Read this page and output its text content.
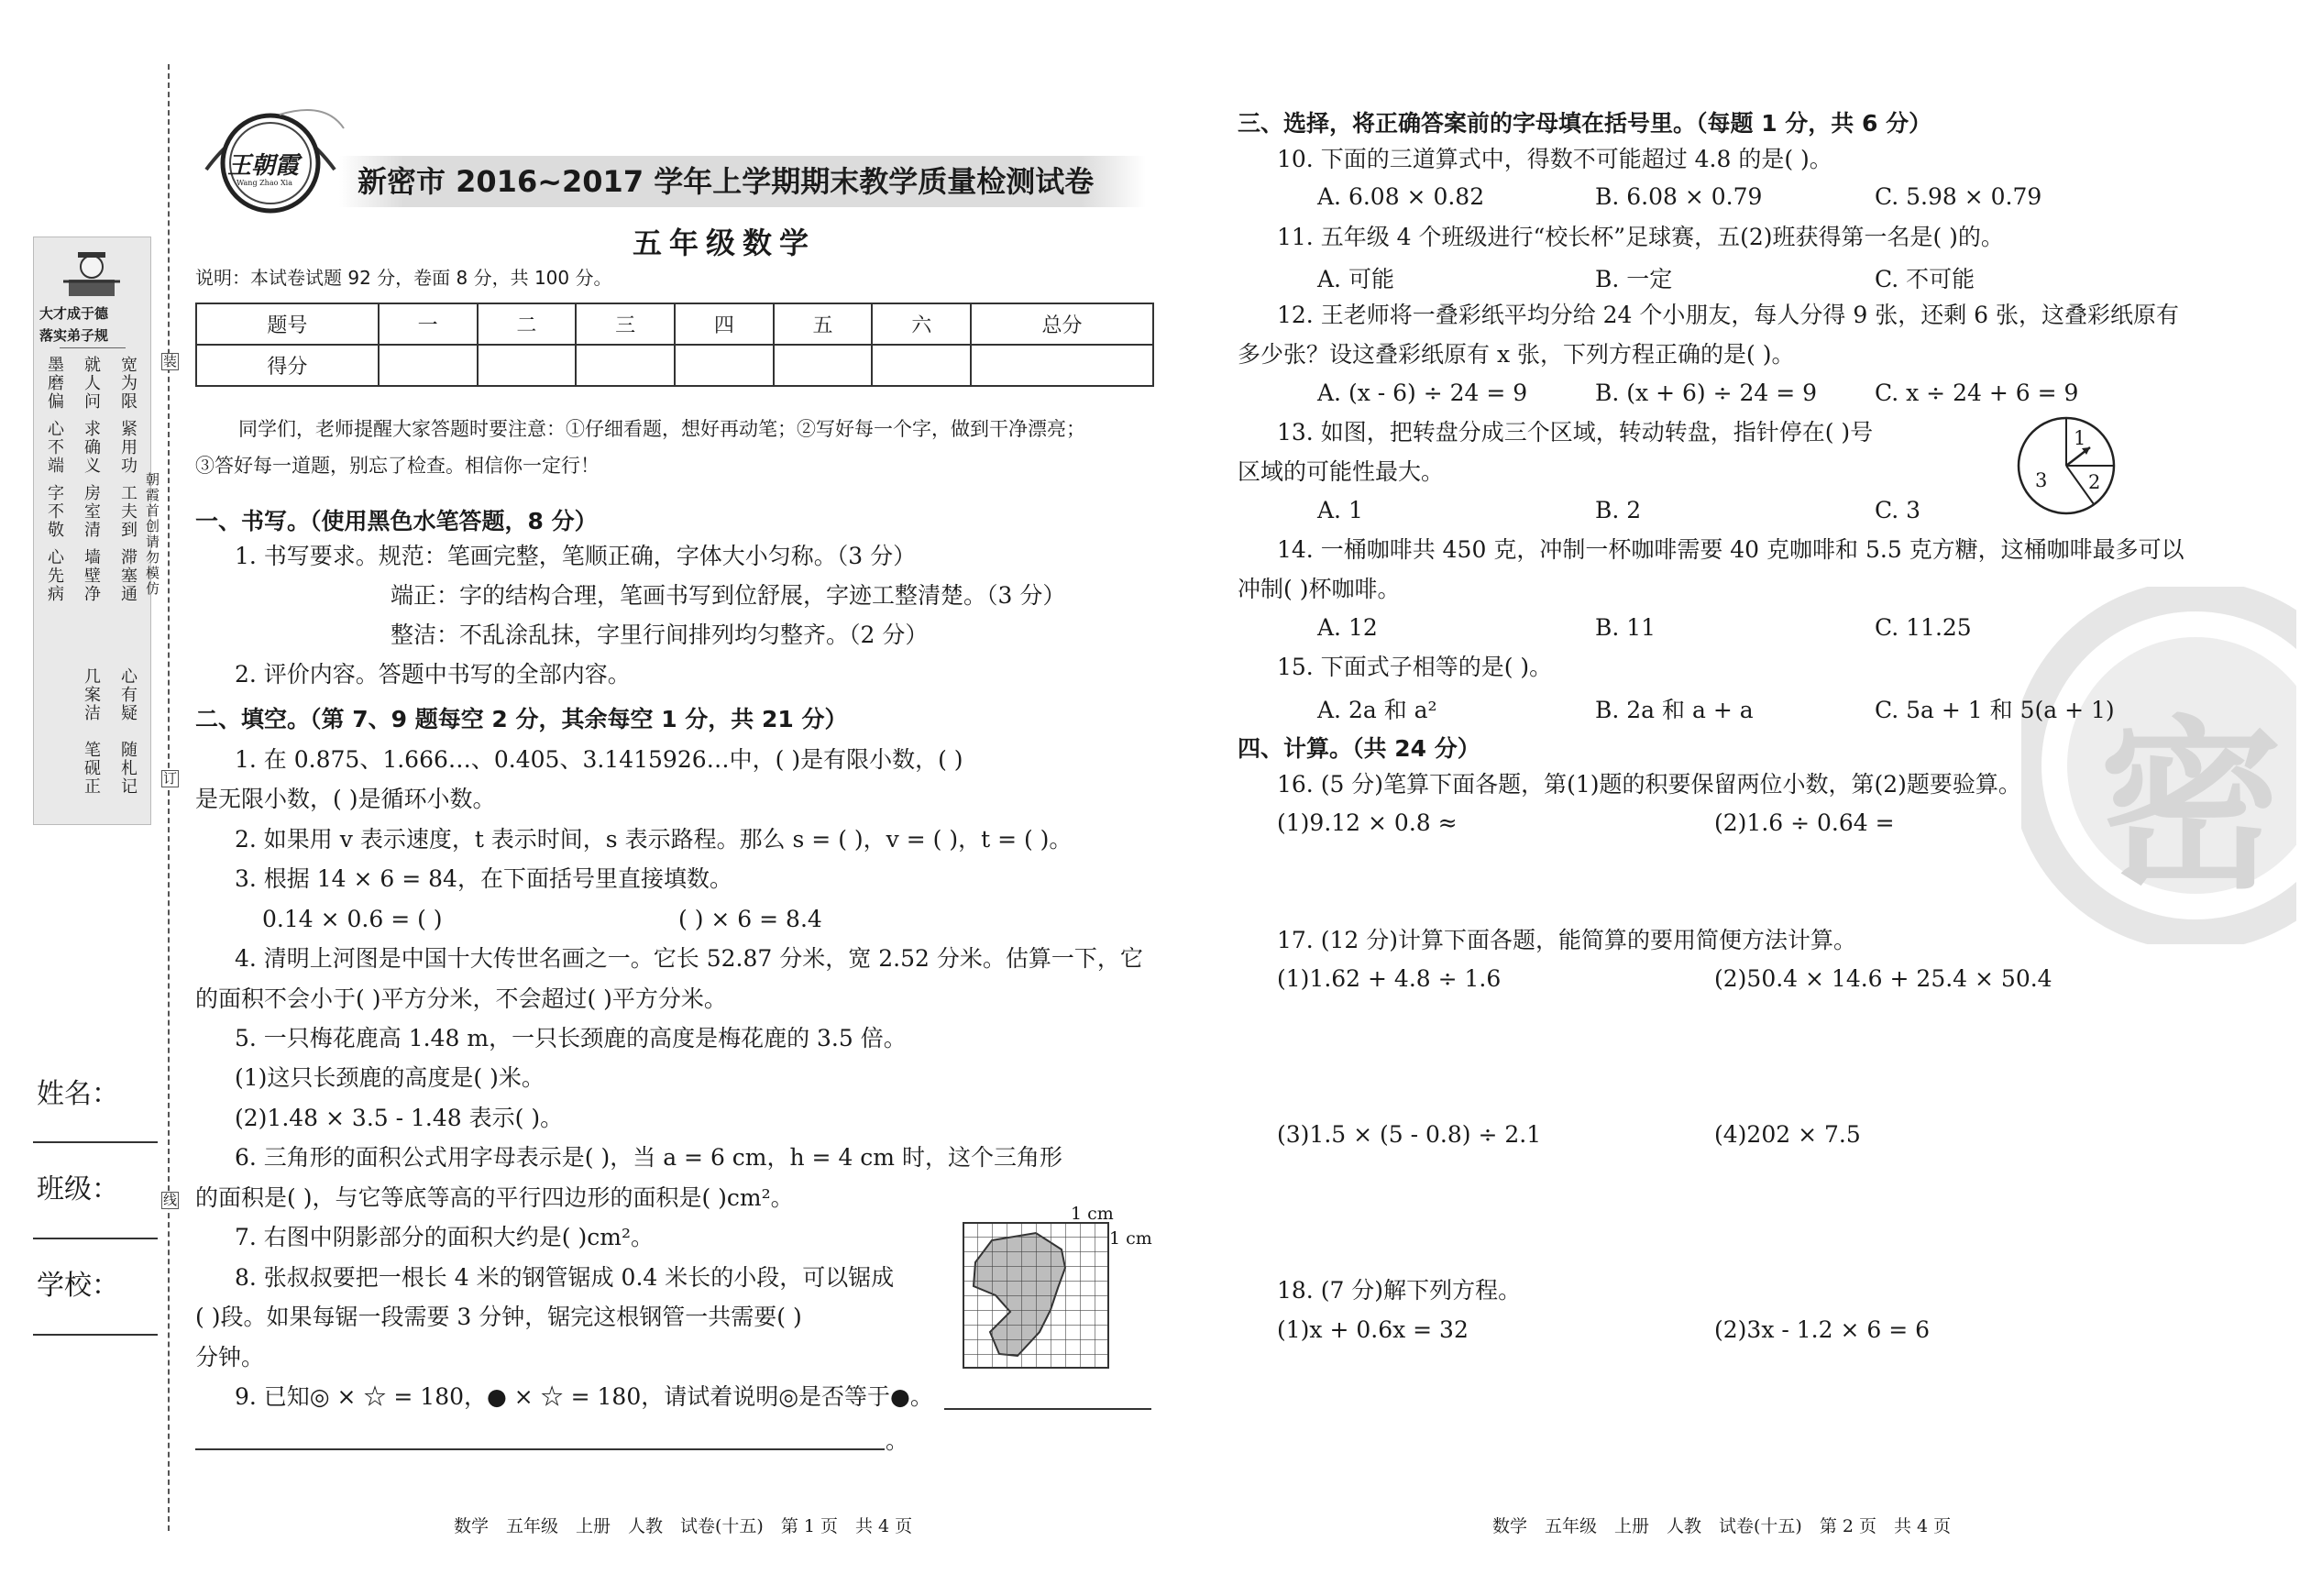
大才成于德
落实弟子规
宽为限
紧用功
工夫到
滞塞通
心有疑
随札记
就人问
求确义
房室清
墙壁净
几案洁
笔砚正
墨磨偏
心不端
字不敬
心先病
朝霞首创 请勿模仿
装
订
线
姓名：
班级：
学校：
王朝霞
Wang Zhao Xia 新密市 2016~2017 学年上学期期末教学质量检测试卷
五年级数学
说明：本试卷试题 92 分，卷面 8 分，共 100 分。
题号	一	二	三	四	五	六	总分
得分							
同学们，老师提醒大家答题时要注意：①仔细看题，想好再动笔；②写好每一个字，做到干净漂亮；
③答好每一道题，别忘了检查。相信你一定行！
一、书写。（使用黑色水笔答题，8 分）
1. 书写要求。规范：笔画完整，笔顺正确，字体大小匀称。（3 分）
端正：字的结构合理，笔画书写到位舒展，字迹工整清楚。（3 分）
整洁：不乱涂乱抹，字里行间排列均匀整齐。（2 分）
2. 评价内容。答题中书写的全部内容。
二、填空。（第 7、9 题每空 2 分，其余每空 1 分，共 21 分）
1. 在 0.875、1.666…、0.405、3.1415926…中，( )是有限小数，( )
是无限小数，( )是循环小数。
2. 如果用 v 表示速度，t 表示时间，s 表示路程。那么 s = ( )，v = ( )，t = ( )。
3. 根据 14 × 6 = 84，在下面括号里直接填数。
0.14 × 0.6 = ( )	( ) × 6 = 8.4
4. 清明上河图是中国十大传世名画之一。它长 52.87 分米，宽 2.52 分米。估算一下，它
的面积不会小于( )平方分米，不会超过( )平方分米。
5. 一只梅花鹿高 1.48 m，一只长颈鹿的高度是梅花鹿的 3.5 倍。
(1)这只长颈鹿的高度是( )米。
(2)1.48 × 3.5 - 1.48 表示( )。
6. 三角形的面积公式用字母表示是( )，当 a = 6 cm，h = 4 cm 时，这个三角形
的面积是( )，与它等底等高的平行四边形的面积是( )cm²。
7. 右图中阴影部分的面积大约是( )cm²。
8. 张叔叔要把一根长 4 米的钢管锯成 0.4 米长的小段，可以锯成
( )段。如果每锯一段需要 3 分钟，锯完这根钢管一共需要( )
分钟。
9. 已知◎ × ☆ = 180，● × ☆ = 180，请试着说明◎是否等于●。
。
1 cm
1 cm
数学　五年级　上册　人教　试卷(十五)　第 1 页　共 4 页
密
三、选择，将正确答案前的字母填在括号里。（每题 1 分，共 6 分）
10. 下面的三道算式中，得数不可能超过 4.8 的是( )。
A. 6.08 × 0.82	B. 6.08 × 0.79	C. 5.98 × 0.79
11. 五年级 4 个班级进行“校长杯”足球赛，五(2)班获得第一名是( )的。
A. 可能	B. 一定	C. 不可能
12. 王老师将一叠彩纸平均分给 24 个小朋友，每人分得 9 张，还剩 6 张，这叠彩纸原有
多少张？设这叠彩纸原有 x 张，下列方程正确的是( )。
A. (x - 6) ÷ 24 = 9	B. (x + 6) ÷ 24 = 9	C. x ÷ 24 + 6 = 9
13. 如图，把转盘分成三个区域，转动转盘，指针停在( )号
区域的可能性最大。
A. 1	B. 2	C. 3
1
2
3
14. 一桶咖啡共 450 克，冲制一杯咖啡需要 40 克咖啡和 5.5 克方糖，这桶咖啡最多可以
冲制( )杯咖啡。
A. 12	B. 11	C. 11.25
15. 下面式子相等的是( )。
A. 2a 和 a²	B. 2a 和 a + a	C. 5a + 1 和 5(a + 1)
四、计算。（共 24 分）
16. (5 分)笔算下面各题，第(1)题的积要保留两位小数，第(2)题要验算。
(1)9.12 × 0.8 ≈	(2)1.6 ÷ 0.64 =
17. (12 分)计算下面各题，能简算的要用简便方法计算。
(1)1.62 + 4.8 ÷ 1.6	(2)50.4 × 14.6 + 25.4 × 50.4
(3)1.5 × (5 - 0.8) ÷ 2.1	(4)202 × 7.5
18. (7 分)解下列方程。
(1)x + 0.6x = 32	(2)3x - 1.2 × 6 = 6
数学　五年级　上册　人教　试卷(十五)　第 2 页　共 4 页
